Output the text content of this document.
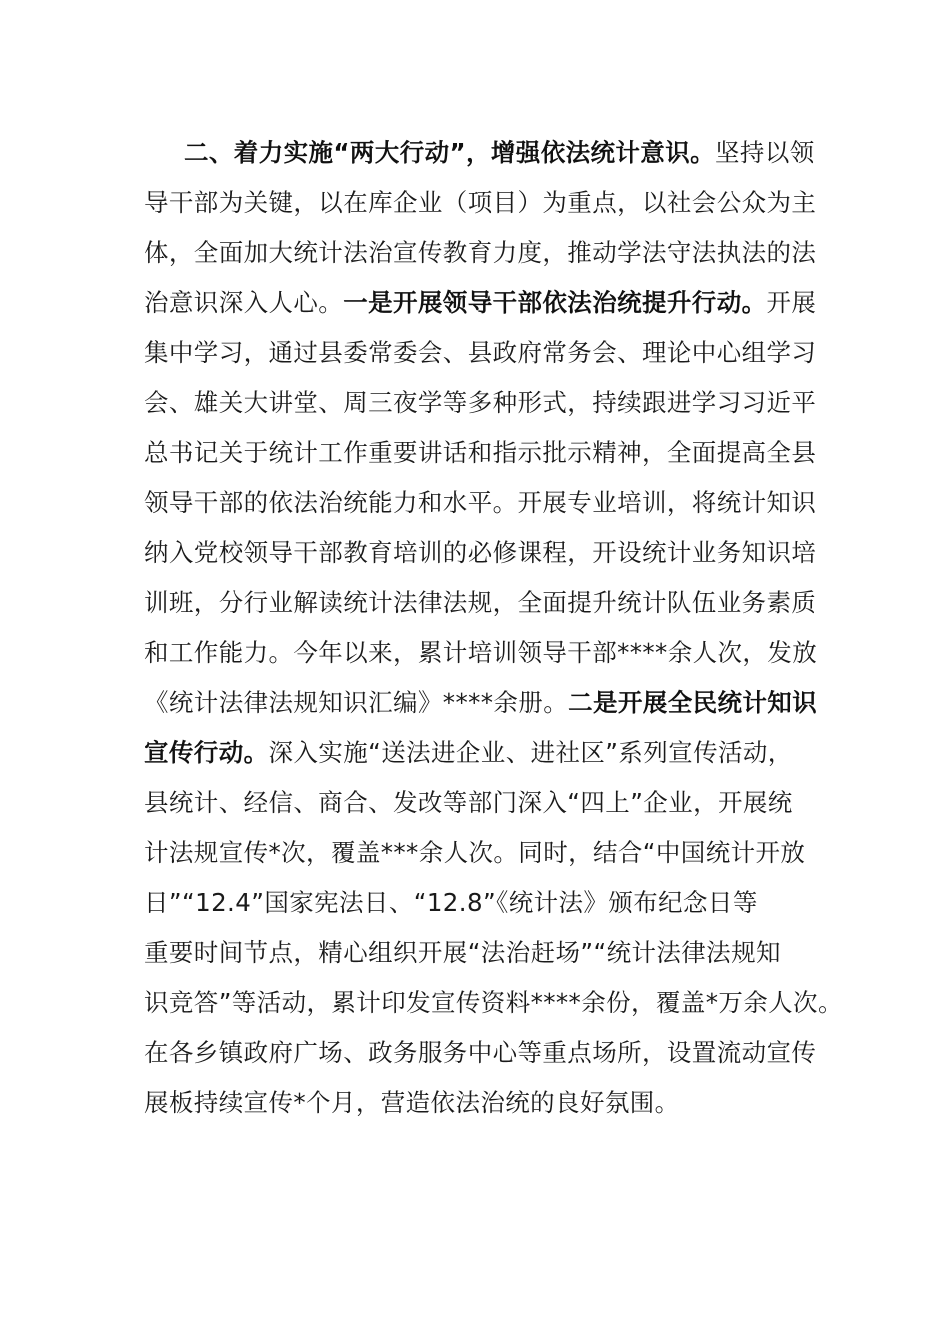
二、着力实施“两大行动”，增强依法统计意识。坚持以领
导干部为关键，以在库企业（项目）为重点，以社会公众为主
体，全面加大统计法治宣传教育力度，推动学法守法执法的法
治意识深入人心。一是开展领导干部依法治统提升行动。开展
集中学习，通过县委常委会、县政府常务会、理论中心组学习
会、雄关大讲堂、周三夜学等多种形式，持续跟进学习习近平
总书记关于统计工作重要讲话和指示批示精神，全面提高全县
领导干部的依法治统能力和水平。开展专业培训，将统计知识
纳入党校领导干部教育培训的必修课程，开设统计业务知识培
训班，分行业解读统计法律法规，全面提升统计队伍业务素质
和工作能力。今年以来，累计培训领导干部****余人次，发放
《统计法律法规知识汇编》****余册。二是开展全民统计知识
宣传行动。深入实施“送法进企业、进社区”系列宣传活动，
县统计、经信、商合、发改等部门深入“四上”企业，开展统
计法规宣传*次，覆盖***余人次。同时，结合“中国统计开放
日”“12.4”国家宪法日、“12.8”《统计法》颁布纪念日等
重要时间节点，精心组织开展“法治赶场”“统计法律法规知
识竞答”等活动，累计印发宣传资料****余份，覆盖*万余人次。
在各乡镇政府广场、政务服务中心等重点场所，设置流动宣传
展板持续宣传*个月，营造依法治统的良好氛围。
